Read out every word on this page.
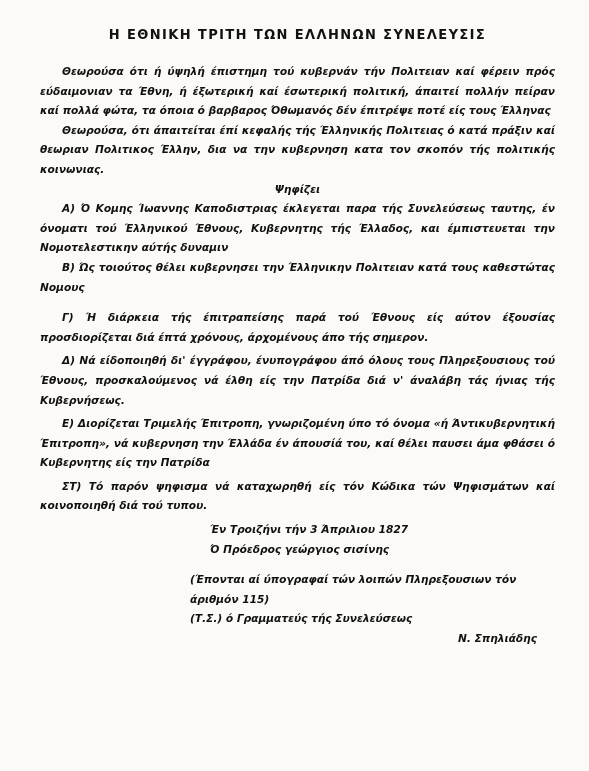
Η ΕΘΝΙΚΗ ΤΡΙΤΗ ΤΩΝ ΕΛΛΗΝΩΝ ΣΥΝΕΛΕΥΣΙΣ

Θεωρούσα ότι ή ύψηλή έπιστημη τού κυβερνάν τήν Πολιτειαν καί φέρειν πρός εύδαιμονιαν τα Έθνη, ή έξωτερική καί έσωτερική πολιτική, άπαιτεί πολλήν πείραν καί πολλά φώτα, τα όποια ό βαρβαρος Όθωμανός δέν έπιτρέψε ποτέ είς τους Έλληνας

Θεωρούσα, ότι άπαιτείται έπί κεφαλής τής Έλληνικής Πολιτειας ό κατά πράξιν καί θεωριαν Πολιτικος Έλλην, δια να την κυβερνηση κατα τον σκοπόν τής πολιτικής κοινωνιας.

Ψηφίζει

Α) Ό Κομης Ίωαννης Καποδιστριας έκλεγεται παρα τής Συνελεύσεως ταυτης, έν όνοματι τού Έλληνικού Έθνους, Κυβερνητης τής Έλλαδος, και έμπιστευεται την Νομοτελεστικην αύτής δυναμιν

Β) Ώς τοιούτος θέλει κυβερνησει την Έλληνικην Πολιτειαν κατά τους καθεστώτας Νομους

Γ) Ή διάρκεια τής έπιτραπείσης παρά τού Έθνους είς αύτον έξουσίας προσδιορίζεται διά έπτά χρόνους, άρχομένους άπο τής σημερον.

Δ) Νά είδοποιηθή δι' έγγράφου, ένυπογράφου άπό όλους τους Πληρεξουσιους τού Έθνους, προσκαλούμενος νά έλθη είς την Πατρίδα διά ν' άναλάβη τάς ήνιας τής Κυβερνήσεως.

Ε) Διορίζεται Τριμελής Έπιτροπη, γνωριζομένη ύπο τό όνομα «ή Άντικυβερνητική Έπιτροπη», νά κυβερνηση την Έλλάδα έν άπουσίά του, καί θέλει παυσει άμα φθάσει ό Κυβερνητης είς την Πατρίδα

ΣΤ) Τό παρόν ψηφισμα νά καταχωρηθή είς τόν Κώδικα τών Ψηφισμάτων καί κοινοποιηθή διά τού τυπου.

Έν Τροιζήνι τήν 3 Άπριλιου 1827

Ό Πρόεδρος γεώργιος σισίνης

(Έπονται αί ύπογραφαί τών λοιπών Πληρεξουσιων τόν άριθμόν 115)

(Τ.Σ.) ό Γραμματεύς τής Συνελεύσεως

Ν. Σπηλιάδης
